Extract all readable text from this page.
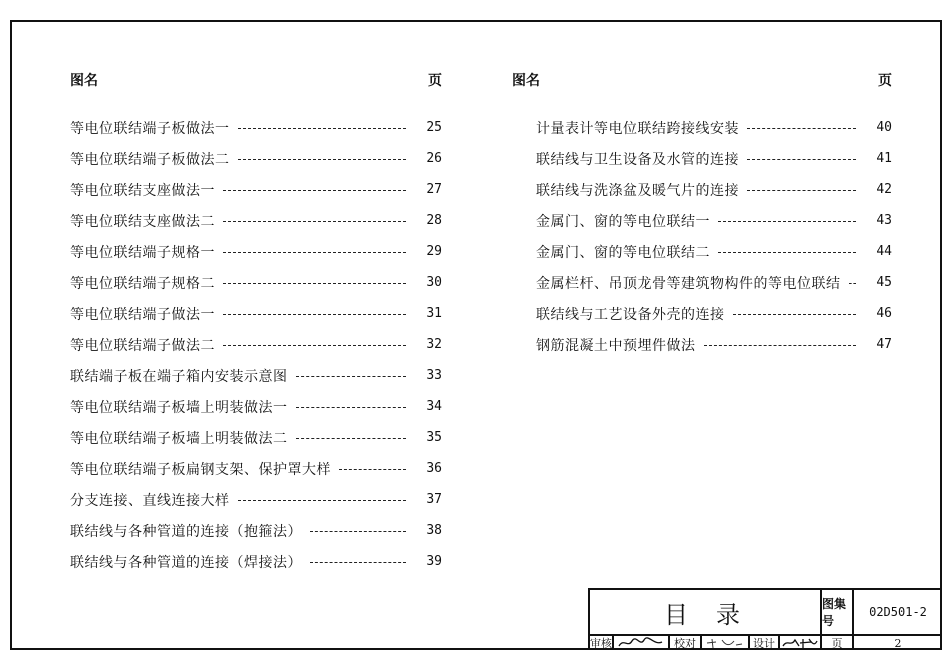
图名	页
等电位联结端子板做法一	25
等电位联结端子板做法二	26
等电位联结支座做法一	27
等电位联结支座做法二	28
等电位联结端子规格一	29
等电位联结端子规格二	30
等电位联结端子做法一	31
等电位联结端子做法二	32
联结端子板在端子箱内安装示意图	33
等电位联结端子板墙上明装做法一	34
等电位联结端子板墙上明装做法二	35
等电位联结端子板扁钢支架、保护罩大样	36
分支连接、直线连接大样	37
联结线与各种管道的连接（抱箍法）	38
联结线与各种管道的连接（焊接法）	39
图名	页
计量表计等电位联结跨接线安装	40
联结线与卫生设备及水管的连接	41
联结线与洗涤盆及暖气片的连接	42
金属门、窗的等电位联结一	43
金属门、窗的等电位联结二	44
金属栏杆、吊顶龙骨等建筑物构件的等电位联结	45
联结线与工艺设备外壳的连接	46
钢筋混凝土中预埋件做法	47
目录	图集号
02D501-2
审核	校对	设计	页	2
